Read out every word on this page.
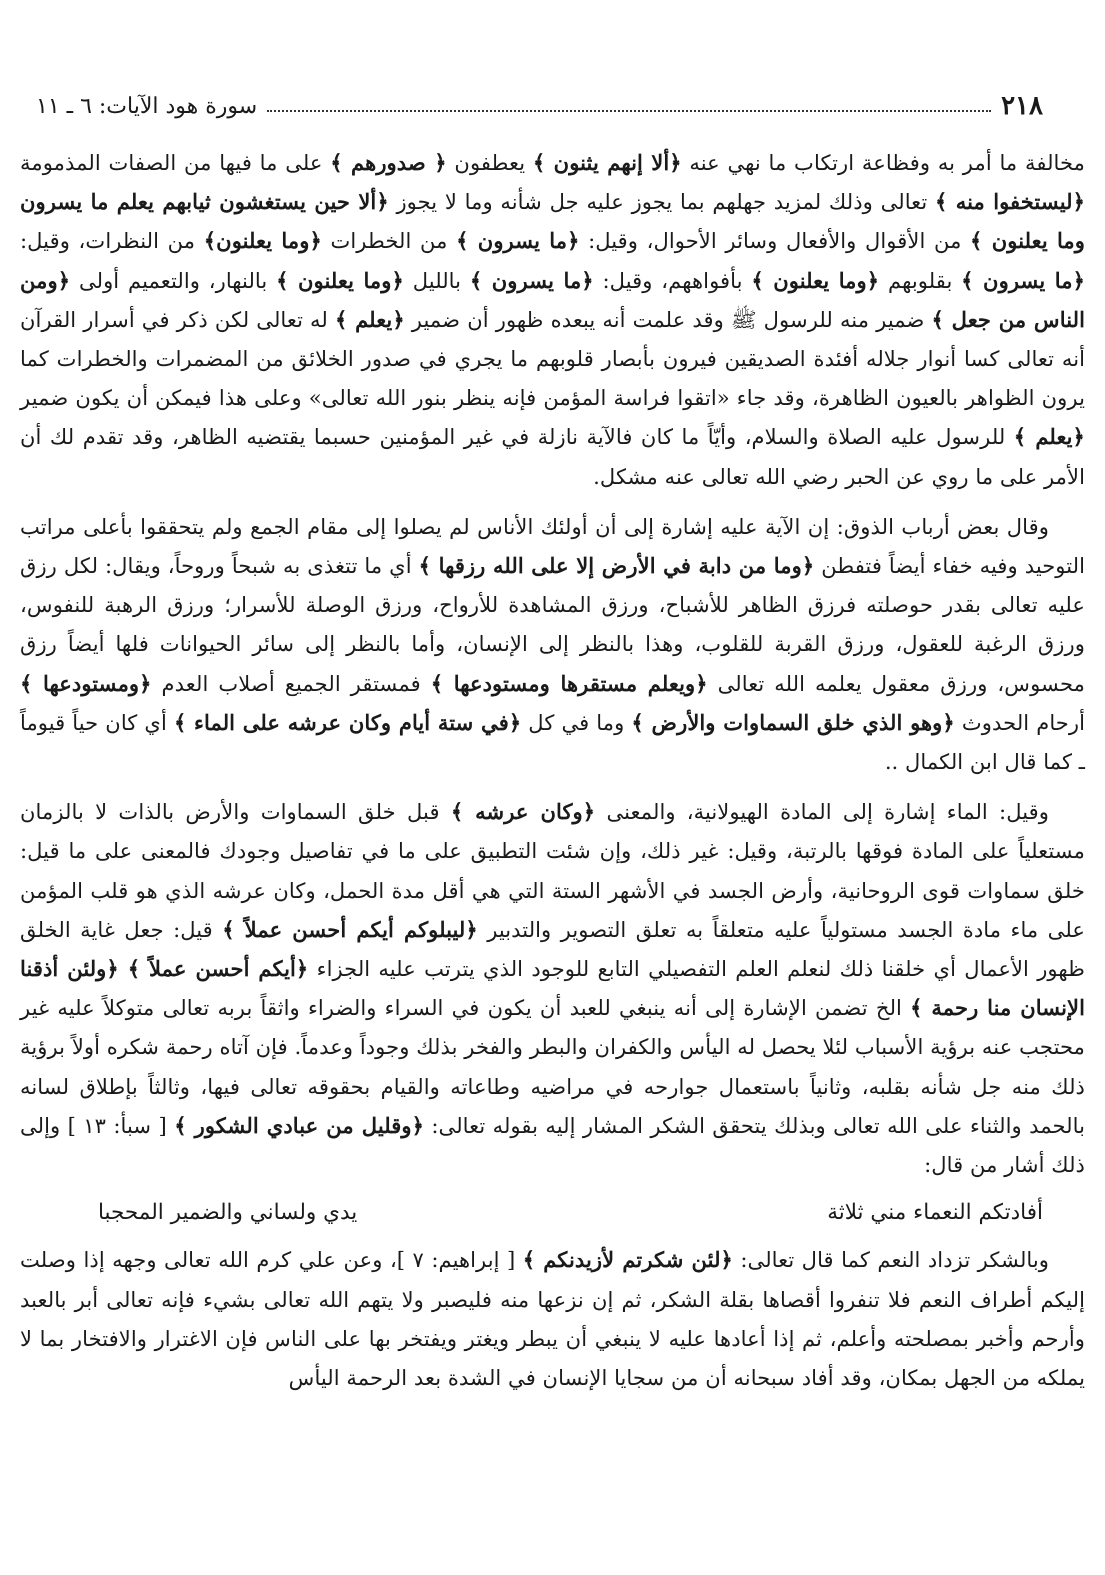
٢١٨
سورة هود الآيات: ٦ ـ ١١

مخالفة ما أمر به وفظاعة ارتكاب ما نهي عنه ﴿ألا إنهم يثنون ﴾ يعطفون ﴿ صدورهم ﴾ على ما فيها من الصفات المذمومة ﴿ليستخفوا منه ﴾ تعالى وذلك لمزيد جهلهم بما يجوز عليه جل شأنه وما لا يجوز ﴿ألا حين يستغشون ثيابهم يعلم ما يسرون وما يعلنون ﴾ من الأقوال والأفعال وسائر الأحوال، وقيل: ﴿ما يسرون ﴾ من الخطرات ﴿وما يعلنون﴾ من النظرات، وقيل: ﴿ما يسرون ﴾ بقلوبهم ﴿وما يعلنون ﴾ بأفواههم، وقيل: ﴿ما يسرون ﴾ بالليل ﴿وما يعلنون ﴾ بالنهار، والتعميم أولى ﴿ومن الناس من جعل ﴾ ضمير منه للرسول ﷺ وقد علمت أنه يبعده ظهور أن ضمير ﴿يعلم ﴾ له تعالى لكن ذكر في أسرار القرآن أنه تعالى كسا أنوار جلاله أفئدة الصديقين فيرون بأبصار قلوبهم ما يجري في صدور الخلائق من المضمرات والخطرات كما يرون الظواهر بالعيون الظاهرة، وقد جاء «اتقوا فراسة المؤمن فإنه ينظر بنور الله تعالى» وعلى هذا فيمكن أن يكون ضمير ﴿يعلم ﴾ للرسول عليه الصلاة والسلام، وأيّاً ما كان فالآية نازلة في غير المؤمنين حسبما يقتضيه الظاهر، وقد تقدم لك أن الأمر على ما روي عن الحبر رضي الله تعالى عنه مشكل.

وقال بعض أرباب الذوق: إن الآية عليه إشارة إلى أن أولئك الأناس لم يصلوا إلى مقام الجمع ولم يتحققوا بأعلى مراتب التوحيد وفيه خفاء أيضاً فتفطن ﴿وما من دابة في الأرض إلا على الله رزقها ﴾ أي ما تتغذى به شبحاً وروحاً، ويقال: لكل رزق عليه تعالى بقدر حوصلته فرزق الظاهر للأشباح، ورزق المشاهدة للأرواح، ورزق الوصلة للأسرار؛ ورزق الرهبة للنفوس، ورزق الرغبة للعقول، ورزق القربة للقلوب، وهذا بالنظر إلى الإنسان، وأما بالنظر إلى سائر الحيوانات فلها أيضاً رزق محسوس، ورزق معقول يعلمه الله تعالى ﴿ويعلم مستقرها ومستودعها ﴾ فمستقر الجميع أصلاب العدم ﴿ومستودعها ﴾ أرحام الحدوث ﴿وهو الذي خلق السماوات والأرض ﴾ وما في كل ﴿في ستة أيام وكان عرشه على الماء ﴾ أي كان حياً قيوماً ـ كما قال ابن الكمال ..

وقيل: الماء إشارة إلى المادة الهيولانية، والمعنى ﴿وكان عرشه ﴾ قبل خلق السماوات والأرض بالذات لا بالزمان مستعلياً على المادة فوقها بالرتبة، وقيل: غير ذلك، وإن شئت التطبيق على ما في تفاصيل وجودك فالمعنى على ما قيل: خلق سماوات قوى الروحانية، وأرض الجسد في الأشهر الستة التي هي أقل مدة الحمل، وكان عرشه الذي هو قلب المؤمن على ماء مادة الجسد مستولياً عليه متعلقاً به تعلق التصوير والتدبير ﴿ليبلوكم أيكم أحسن عملاً ﴾ قيل: جعل غاية الخلق ظهور الأعمال أي خلقنا ذلك لنعلم العلم التفصيلي التابع للوجود الذي يترتب عليه الجزاء ﴿أيكم أحسن عملاً ﴾ ﴿ولئن أذقنا الإنسان منا رحمة ﴾ الخ تضمن الإشارة إلى أنه ينبغي للعبد أن يكون في السراء والضراء واثقاً بربه تعالى متوكلاً عليه غير محتجب عنه برؤية الأسباب لئلا يحصل له اليأس والكفران والبطر والفخر بذلك وجوداً وعدماً. فإن آتاه رحمة شكره أولاً برؤية ذلك منه جل شأنه بقلبه، وثانياً باستعمال جوارحه في مراضيه وطاعاته والقيام بحقوقه تعالى فيها، وثالثاً بإطلاق لسانه بالحمد والثناء على الله تعالى وبذلك يتحقق الشكر المشار إليه بقوله تعالى: ﴿وقليل من عبادي الشكور ﴾ [ سبأ: ١٣ ] وإلى ذلك أشار من قال:

أفادتكم النعماء مني ثلاثة
يدي ولساني والضمير المحجبا

وبالشكر تزداد النعم كما قال تعالى: ﴿لئن شكرتم لأزيدنكم ﴾ [ إبراهيم: ٧ ]، وعن علي كرم الله تعالى وجهه إذا وصلت إليكم أطراف النعم فلا تنفروا أقصاها بقلة الشكر، ثم إن نزعها منه فليصبر ولا يتهم الله تعالى بشيء فإنه تعالى أبر بالعبد وأرحم وأخبر بمصلحته وأعلم، ثم إذا أعادها عليه لا ينبغي أن يبطر ويغتر ويفتخر بها على الناس فإن الاغترار والافتخار بما لا يملكه من الجهل بمكان، وقد أفاد سبحانه أن من سجايا الإنسان في الشدة بعد الرحمة اليأس
